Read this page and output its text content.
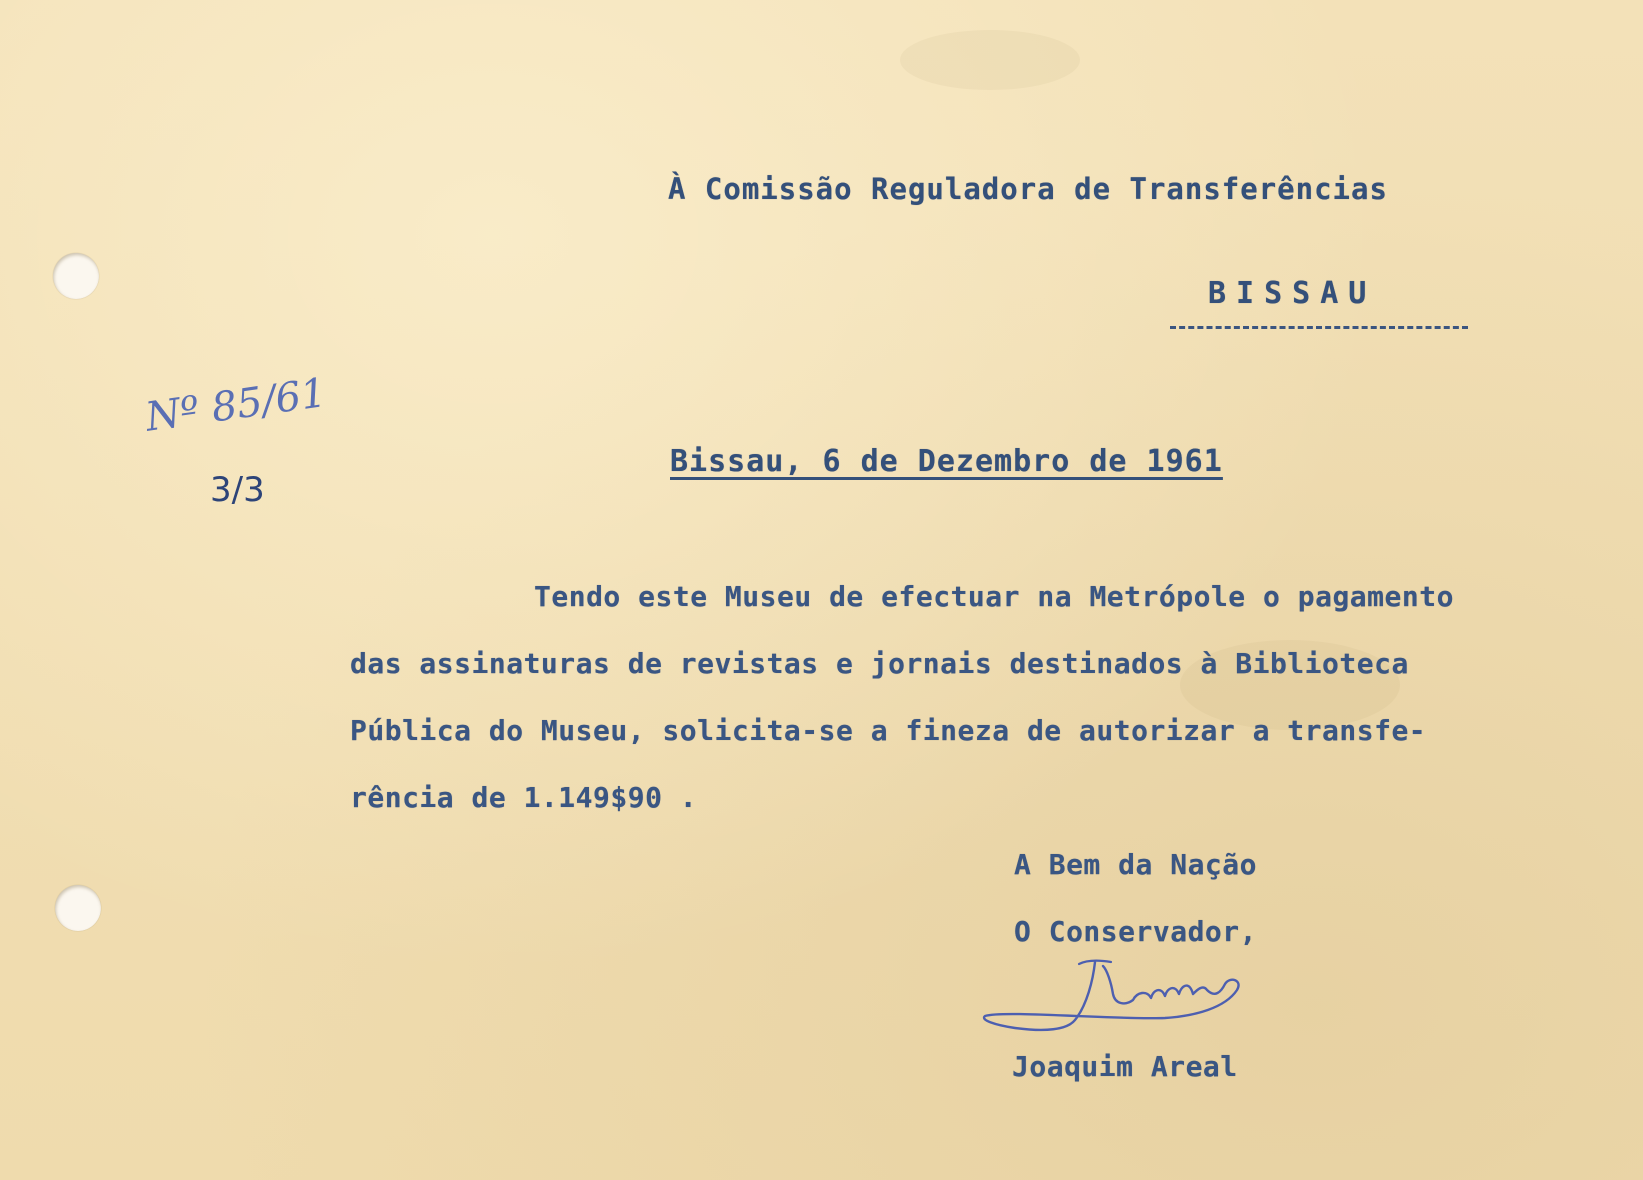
À Comissão Reguladora de Transferências
BISSAU
Nº 85/61
3/3
Bissau, 6 de Dezembro de 1961
Tendo este Museu de efectuar na Metrópole o pagamento
das assinaturas de revistas e jornais destinados à Biblioteca
Pública do Museu, solicita-se a fineza de autorizar a transfe-
rência de 1.149$90 .
A Bem da Nação
O Conservador,
Joaquim Areal
